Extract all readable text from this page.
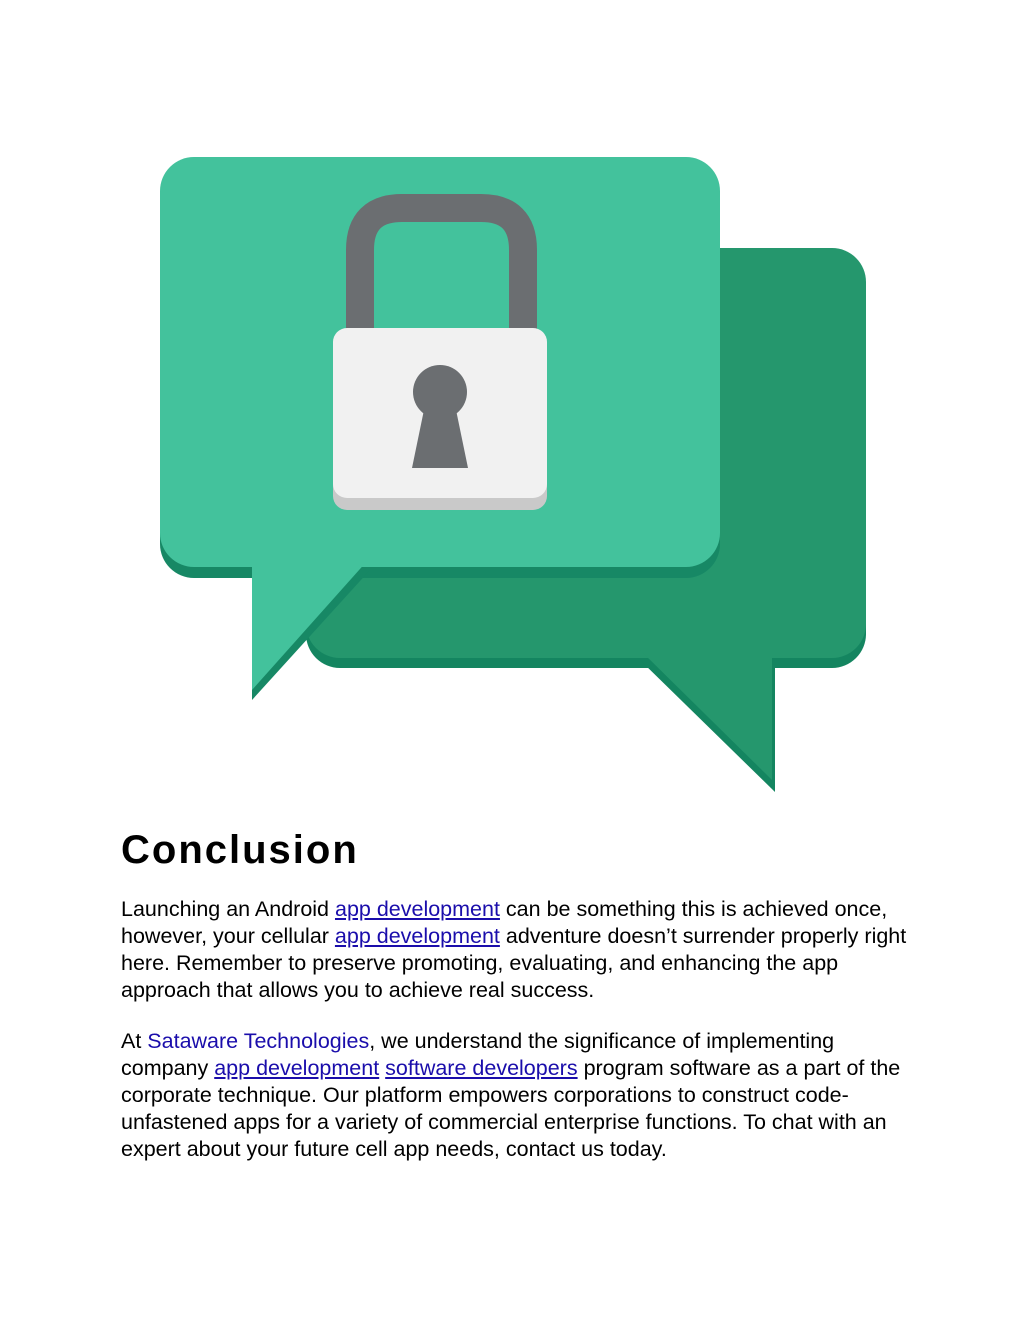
Conclusion

Launching an Android app development can be something this is achieved once, however, your cellular app development adventure doesn’t surrender properly right here. Remember to preserve promoting, evaluating, and enhancing the app approach that allows you to achieve real success.

At Sataware Technologies, we understand the significance of implementing company app development software developers program software as a part of the corporate technique. Our platform empowers corporations to construct code-unfastened apps for a variety of commercial enterprise functions. To chat with an expert about your future cell app needs, contact us today.
